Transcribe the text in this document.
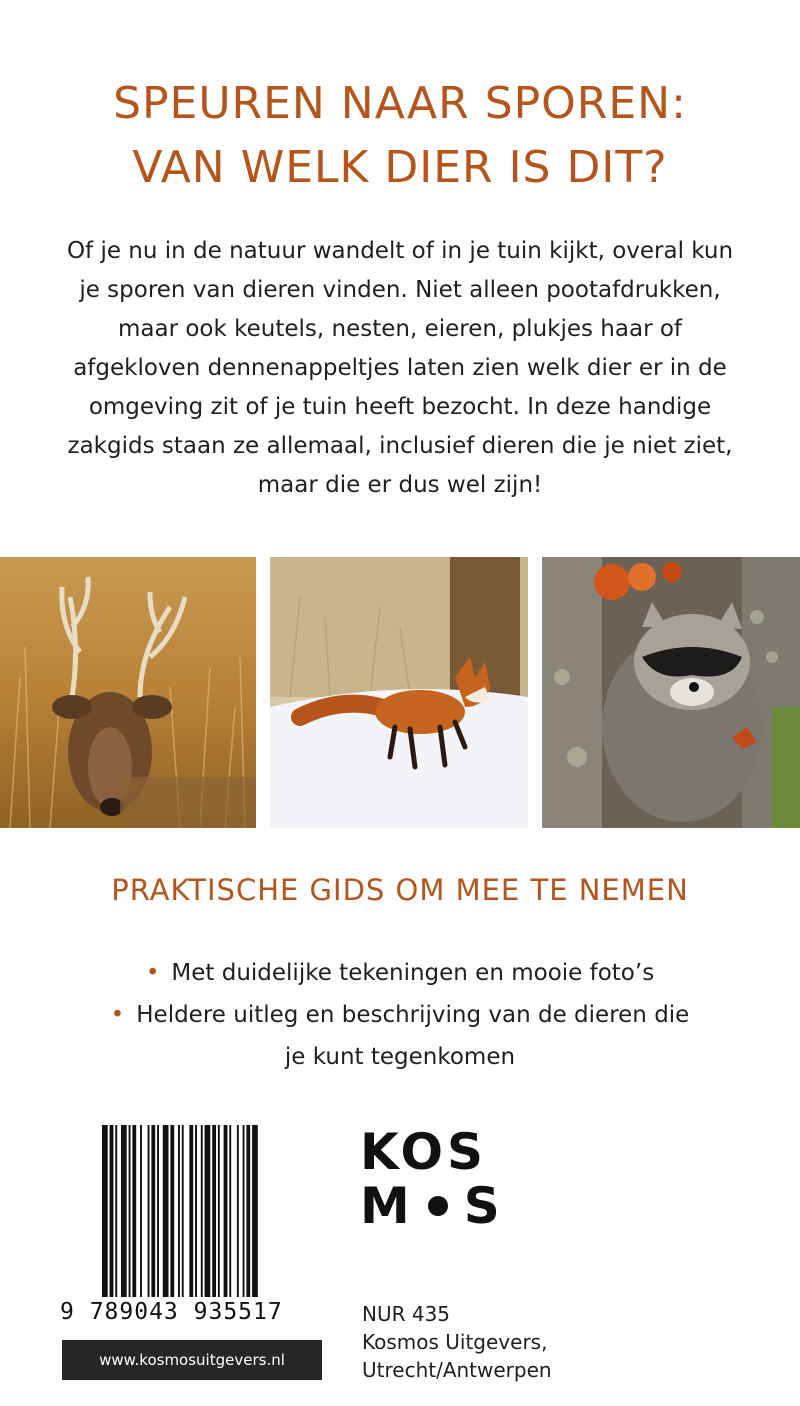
SPEUREN NAAR SPOREN:
VAN WELK DIER IS DIT?

Of je nu in de natuur wandelt of in je tuin kijkt, overal kun
je sporen van dieren vinden. Niet alleen pootafdrukken,
maar ook keutels, nesten, eieren, plukjes haar of
afgekloven dennenappeltjes laten zien welk dier er in de
omgeving zit of je tuin heeft bezocht. In deze handige
zakgids staan ze allemaal, inclusief dieren die je niet ziet,
maar die er dus wel zijn!

PRAKTISCHE GIDS OM MEE TE NEMEN
• Met duidelijke tekeningen en mooie foto’s
• Heldere uitleg en beschrijving van de dieren die
je kunt tegenkomen
9 789043 935517
www.kosmosuitgevers.nl
KOS
M S
NUR 435
Kosmos Uitgevers,
Utrecht/Antwerpen
